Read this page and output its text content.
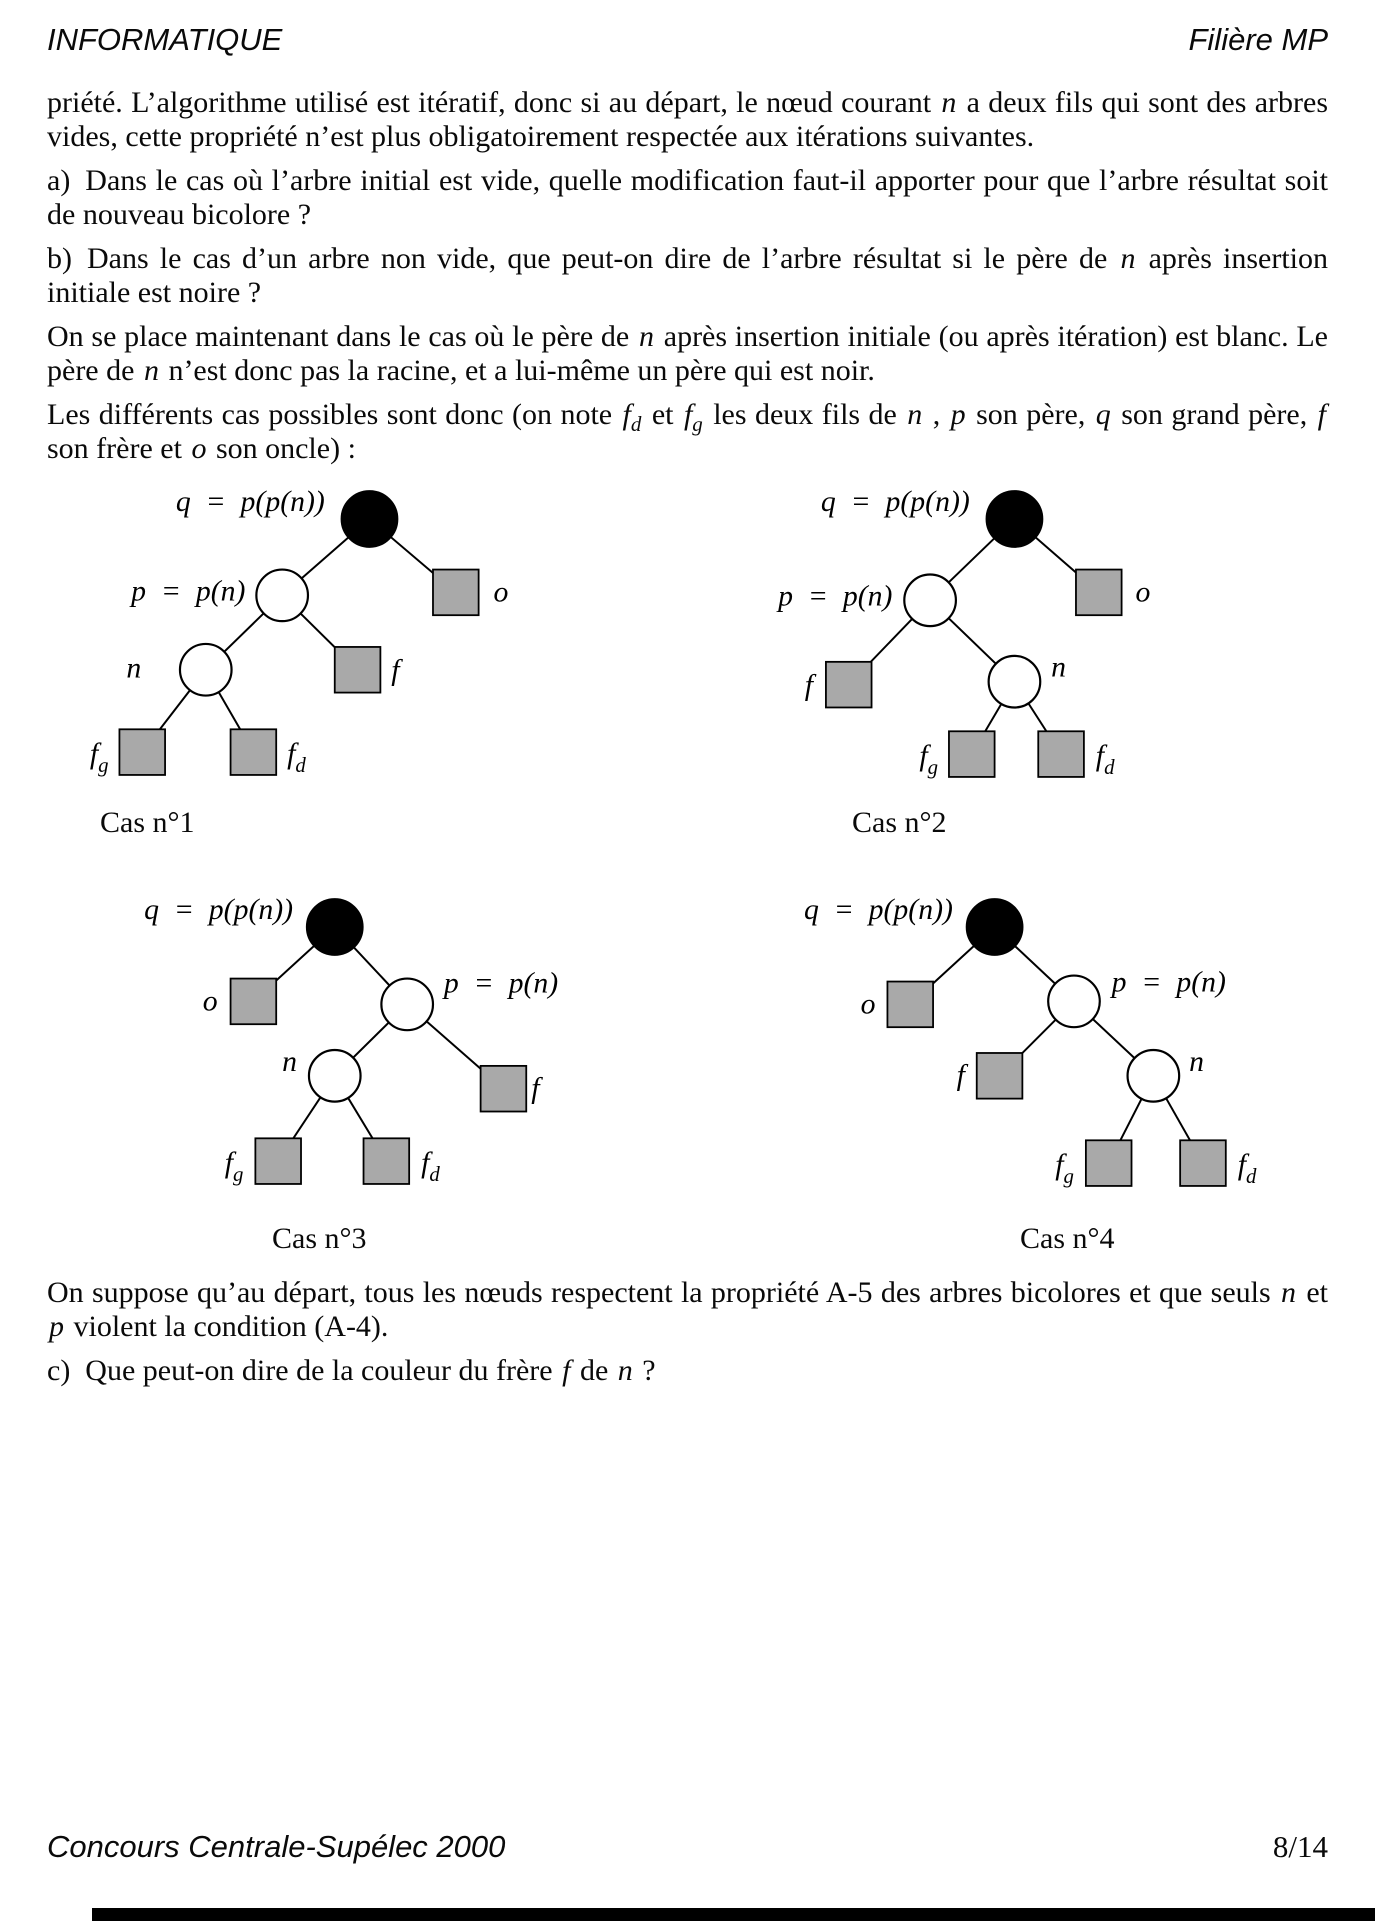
INFORMATIQUE	Filière MP

priété. L’algorithme utilisé est itératif, donc si au départ, le nœud courant n a deux fils qui sont des arbres vides, cette propriété n’est plus obligatoirement respectée aux itérations suivantes.

a) Dans le cas où l’arbre initial est vide, quelle modification faut-il apporter pour que l’arbre résultat soit de nouveau bicolore ?

b) Dans le cas d’un arbre non vide, que peut-on dire de l’arbre résultat si le père de n après insertion initiale est noire ?

On se place maintenant dans le cas où le père de n après insertion initiale (ou après itération) est blanc. Le père de n n’est donc pas la racine, et a lui-même un père qui est noir.

Les différents cas possibles sont donc (on note $f_d$ et $f_g$ les deux fils de n , p son père, q son grand père, f son frère et o son oncle) :

q = p(p(n))
p = p(n)	o
n	f
$f_g$	$f_d$
Cas n°1
q = p(p(n))
p = p(n)	o
f
n
$f_g$	$f_d$
Cas n°2
q = p(p(n))
o
p = p(n)
n
f
$f_g$	$f_d$
Cas n°3
q = p(p(n))
o
p = p(n)
f	n
$f_g$	$f_d$
Cas n°4

On suppose qu’au départ, tous les nœuds respectent la propriété A-5 des arbres bicolores et que seuls n et p violent la condition (A-4).

c) Que peut-on dire de la couleur du frère f de n ?

Concours Centrale-Supélec 2000	8/14
